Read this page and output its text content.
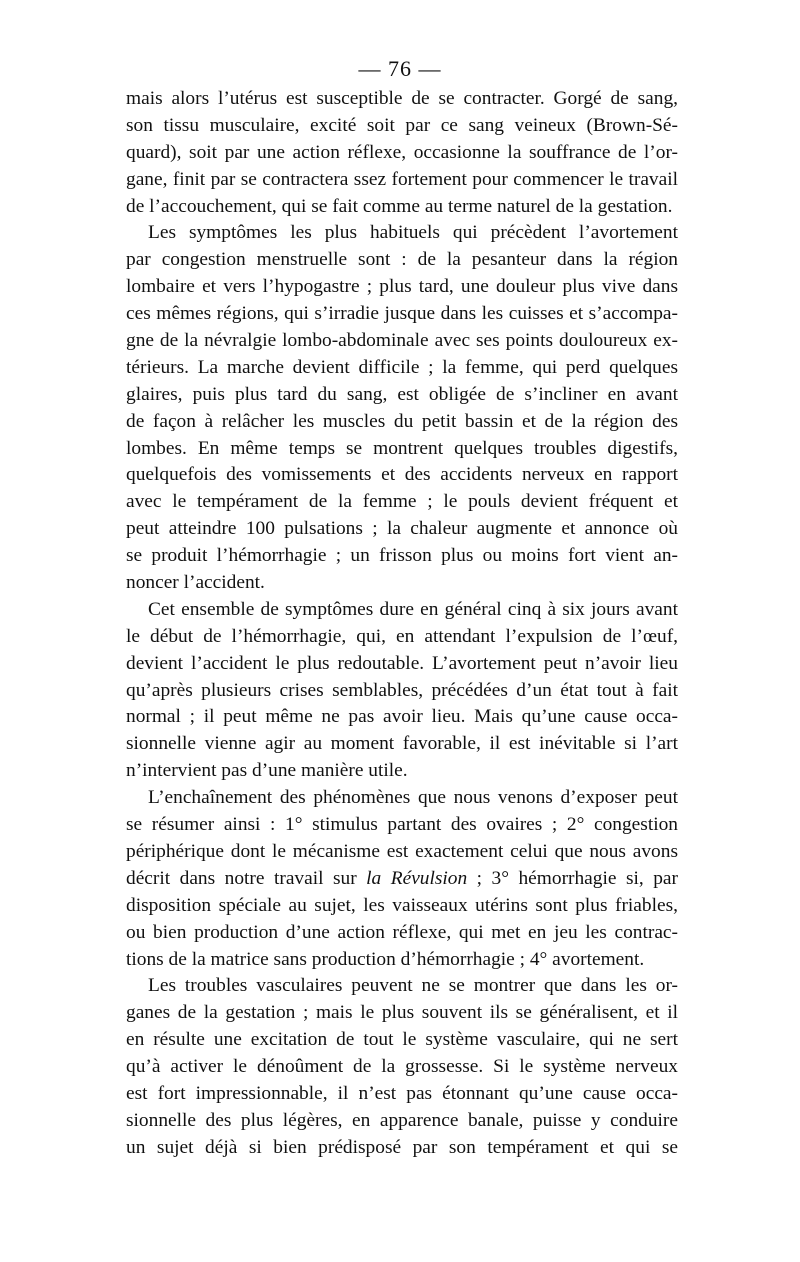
— 76 —
mais alors l’utérus est susceptible de se contracter. Gorgé de sang,
son tissu musculaire, excité soit par ce sang veineux (Brown-Sé-
quard), soit par une action réflexe, occasionne la souffrance de l’or-
gane, finit par se contractera ssez fortement pour commencer le travail
de l’accouchement, qui se fait comme au terme naturel de la gestation.
Les symptômes les plus habituels qui précèdent l’avortement
par congestion menstruelle sont : de la pesanteur dans la région
lombaire et vers l’hypogastre ; plus tard, une douleur plus vive dans
ces mêmes régions, qui s’irradie jusque dans les cuisses et s’accompa-
gne de la névralgie lombo-abdominale avec ses points douloureux ex-
térieurs. La marche devient difficile ; la femme, qui perd quelques
glaires, puis plus tard du sang, est obligée de s’incliner en avant
de façon à relâcher les muscles du petit bassin et de la région des
lombes. En même temps se montrent quelques troubles digestifs,
quelquefois des vomissements et des accidents nerveux en rapport
avec le tempérament de la femme ; le pouls devient fréquent et
peut atteindre 100 pulsations ; la chaleur augmente et annonce où
se produit l’hémorrhagie ; un frisson plus ou moins fort vient an-
noncer l’accident.
Cet ensemble de symptômes dure en général cinq à six jours avant
le début de l’hémorrhagie, qui, en attendant l’expulsion de l’œuf,
devient l’accident le plus redoutable. L’avortement peut n’avoir lieu
qu’après plusieurs crises semblables, précédées d’un état tout à fait
normal ; il peut même ne pas avoir lieu. Mais qu’une cause occa-
sionnelle vienne agir au moment favorable, il est inévitable si l’art
n’intervient pas d’une manière utile.
L’enchaînement des phénomènes que nous venons d’exposer peut
se résumer ainsi : 1° stimulus partant des ovaires ; 2° congestion
périphérique dont le mécanisme est exactement celui que nous avons
décrit dans notre travail sur la Révulsion ; 3° hémorrhagie si, par
disposition spéciale au sujet, les vaisseaux utérins sont plus friables,
ou bien production d’une action réflexe, qui met en jeu les contrac-
tions de la matrice sans production d’hémorrhagie ; 4° avortement.
Les troubles vasculaires peuvent ne se montrer que dans les or-
ganes de la gestation ; mais le plus souvent ils se généralisent, et il
en résulte une excitation de tout le système vasculaire, qui ne sert
qu’à activer le dénoûment de la grossesse. Si le système nerveux
est fort impressionnable, il n’est pas étonnant qu’une cause occa-
sionnelle des plus légères, en apparence banale, puisse y conduire
un sujet déjà si bien prédisposé par son tempérament et qui se
